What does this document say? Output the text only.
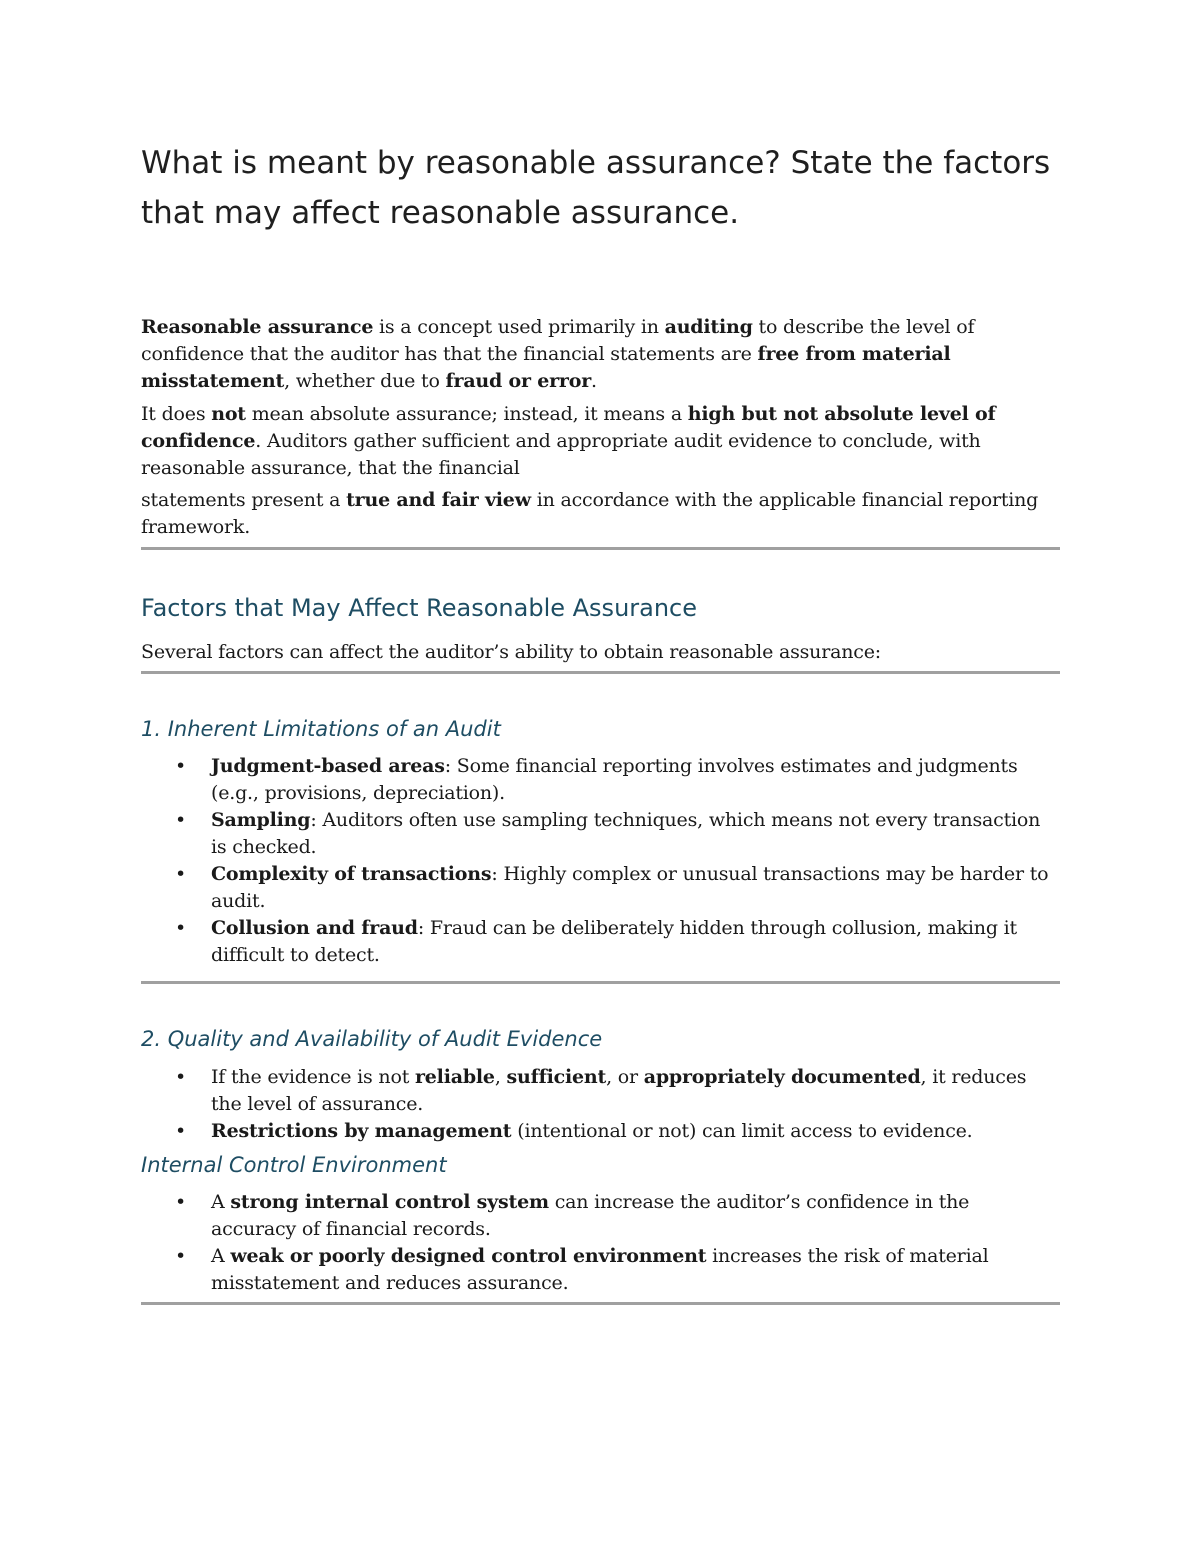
What is meant by reasonable assurance? State the factors that may affect reasonable assurance.

Reasonable assurance is a concept used primarily in auditing to describe the level of confidence that the auditor has that the financial statements are free from material misstatement, whether due to fraud or error.

It does not mean absolute assurance; instead, it means a high but not absolute level of confidence. Auditors gather sufficient and appropriate audit evidence to conclude, with reasonable assurance, that the financial

statements present a true and fair view in accordance with the applicable financial reporting framework.

Factors that May Affect Reasonable Assurance

Several factors can affect the auditor’s ability to obtain reasonable assurance:

1. Inherent Limitations of an Audit
• Judgment-based areas: Some financial reporting involves estimates and judgments (e.g., provisions, depreciation).
• Sampling: Auditors often use sampling techniques, which means not every transaction is checked.
• Complexity of transactions: Highly complex or unusual transactions may be harder to audit.
• Collusion and fraud: Fraud can be deliberately hidden through collusion, making it difficult to detect.
2. Quality and Availability of Audit Evidence
• If the evidence is not reliable, sufficient, or appropriately documented, it reduces the level of assurance.
• Restrictions by management (intentional or not) can limit access to evidence.
Internal Control Environment
• A strong internal control system can increase the auditor’s confidence in the accuracy of financial records.
• A weak or poorly designed control environment increases the risk of material misstatement and reduces assurance.
